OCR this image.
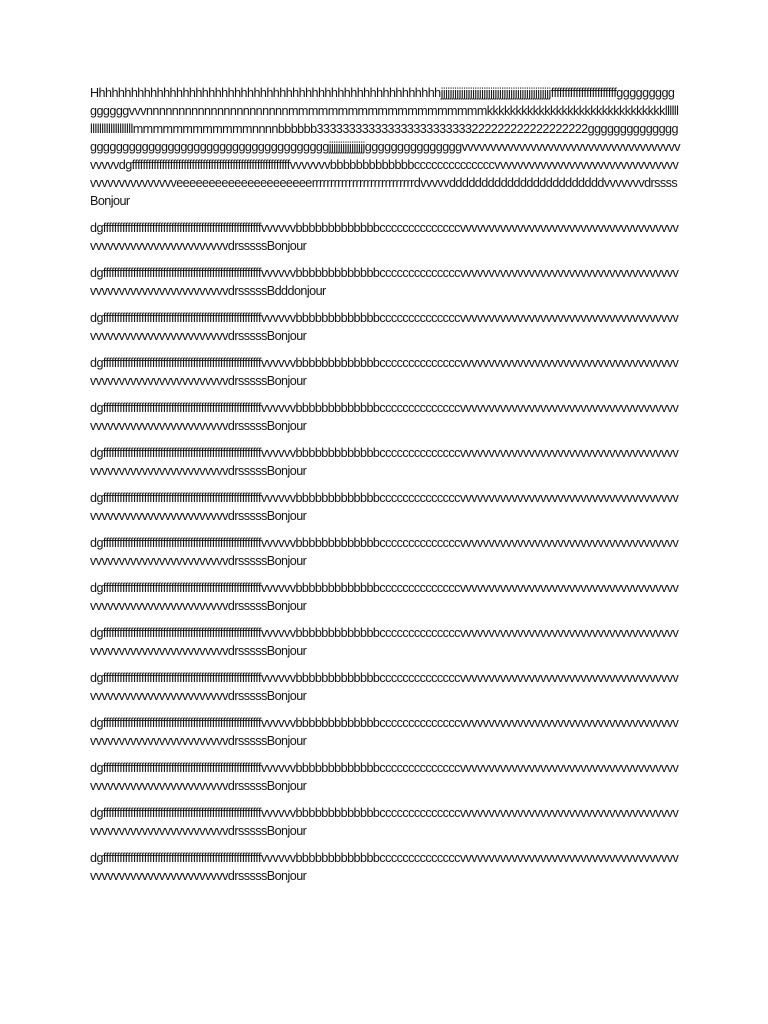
Hhhhhhhhhhhhhhhhhhhhhhhhhhhhhhhhhhhhhhhhhhhhhhhhhhhhhhjjjjjjjjjjjjjjjjjjjjjjjjjjjjjjjjjjjjjjjjjjjjjjjjjffffffffffffffffffffffffgggggggggggggggvvvnnnnnnnnnnnnnnnnnnnnnnmmmmmmmmmmmmmmmmmmmmkkkkkkkkkkkkkkkkkkkkkkkkkkkkkkklllllllllllllllllllllllllmmmmmmmmmmmmnnnnbbbbbb333333333333333333333333222222222222222222gggggggggggggggggggggggggggggggggggggggggggggggggggjjjjjjjjjjjjjjjjgggggggggggggggvvvvvvvvvvvvvvvvvvvvvvvvvvvvvvvvvvvvvvvvvvvdgffffffffffffffffffffffffffffffffffffffffffffffffffffffffffvvvvvvvbbbbbbbbbbbbbccccccccccccccvvvvvvvvvvvvvvvvvvvvvvvvvvvvvvvvvvvvvvvvvvvvvvveeeeeeeeeeeeeeeeeeeeerrrrrrrrrrrrrrrrrrrrrrrrrrrrdvvvvvddddddddddddddddddddddddvvvvvvvdrssssBonjour

dgffffffffffffffffffffffffffffffffffffffffffffffffffffffffffvvvvvvbbbbbbbbbbbbbccccccccccccccvvvvvvvvvvvvvvvvvvvvvvvvvvvvvvvvvvvvvvvvvvvvvvvvvvvvvvvvvvvvvvdrsssssBonjour

dgffffffffffffffffffffffffffffffffffffffffffffffffffffffffffvvvvvvbbbbbbbbbbbbbccccccccccccccvvvvvvvvvvvvvvvvvvvvvvvvvvvvvvvvvvvvvvvvvvvvvvvvvvvvvvvvvvvvvvdrsssssBdddonjour

dgffffffffffffffffffffffffffffffffffffffffffffffffffffffffffvvvvvvbbbbbbbbbbbbbccccccccccccccvvvvvvvvvvvvvvvvvvvvvvvvvvvvvvvvvvvvvvvvvvvvvvvvvvvvvvvvvvvvvvdrsssssBonjour

dgffffffffffffffffffffffffffffffffffffffffffffffffffffffffffvvvvvvbbbbbbbbbbbbbccccccccccccccvvvvvvvvvvvvvvvvvvvvvvvvvvvvvvvvvvvvvvvvvvvvvvvvvvvvvvvvvvvvvvdrsssssBonjour

dgffffffffffffffffffffffffffffffffffffffffffffffffffffffffffvvvvvvbbbbbbbbbbbbbccccccccccccccvvvvvvvvvvvvvvvvvvvvvvvvvvvvvvvvvvvvvvvvvvvvvvvvvvvvvvvvvvvvvvdrsssssBonjour

dgffffffffffffffffffffffffffffffffffffffffffffffffffffffffffvvvvvvbbbbbbbbbbbbbccccccccccccccvvvvvvvvvvvvvvvvvvvvvvvvvvvvvvvvvvvvvvvvvvvvvvvvvvvvvvvvvvvvvvdrsssssBonjour

dgffffffffffffffffffffffffffffffffffffffffffffffffffffffffffvvvvvvbbbbbbbbbbbbbccccccccccccccvvvvvvvvvvvvvvvvvvvvvvvvvvvvvvvvvvvvvvvvvvvvvvvvvvvvvvvvvvvvvvdrsssssBonjour

dgffffffffffffffffffffffffffffffffffffffffffffffffffffffffffvvvvvvbbbbbbbbbbbbbccccccccccccccvvvvvvvvvvvvvvvvvvvvvvvvvvvvvvvvvvvvvvvvvvvvvvvvvvvvvvvvvvvvvvdrsssssBonjour

dgffffffffffffffffffffffffffffffffffffffffffffffffffffffffffvvvvvvbbbbbbbbbbbbbccccccccccccccvvvvvvvvvvvvvvvvvvvvvvvvvvvvvvvvvvvvvvvvvvvvvvvvvvvvvvvvvvvvvvdrsssssBonjour

dgffffffffffffffffffffffffffffffffffffffffffffffffffffffffffvvvvvvbbbbbbbbbbbbbccccccccccccccvvvvvvvvvvvvvvvvvvvvvvvvvvvvvvvvvvvvvvvvvvvvvvvvvvvvvvvvvvvvvvdrsssssBonjour

dgffffffffffffffffffffffffffffffffffffffffffffffffffffffffffvvvvvvbbbbbbbbbbbbbccccccccccccccvvvvvvvvvvvvvvvvvvvvvvvvvvvvvvvvvvvvvvvvvvvvvvvvvvvvvvvvvvvvvvdrsssssBonjour

dgffffffffffffffffffffffffffffffffffffffffffffffffffffffffffvvvvvvbbbbbbbbbbbbbccccccccccccccvvvvvvvvvvvvvvvvvvvvvvvvvvvvvvvvvvvvvvvvvvvvvvvvvvvvvvvvvvvvvvdrsssssBonjour

dgffffffffffffffffffffffffffffffffffffffffffffffffffffffffffvvvvvvbbbbbbbbbbbbbccccccccccccccvvvvvvvvvvvvvvvvvvvvvvvvvvvvvvvvvvvvvvvvvvvvvvvvvvvvvvvvvvvvvvdrsssssBonjour

dgffffffffffffffffffffffffffffffffffffffffffffffffffffffffffvvvvvvbbbbbbbbbbbbbccccccccccccccvvvvvvvvvvvvvvvvvvvvvvvvvvvvvvvvvvvvvvvvvvvvvvvvvvvvvvvvvvvvvvdrsssssBonjour

dgffffffffffffffffffffffffffffffffffffffffffffffffffffffffffvvvvvvbbbbbbbbbbbbbccccccccccccccvvvvvvvvvvvvvvvvvvvvvvvvvvvvvvvvvvvvvvvvvvvvvvvvvvvvvvvvvvvvvvdrsssssBonjour
